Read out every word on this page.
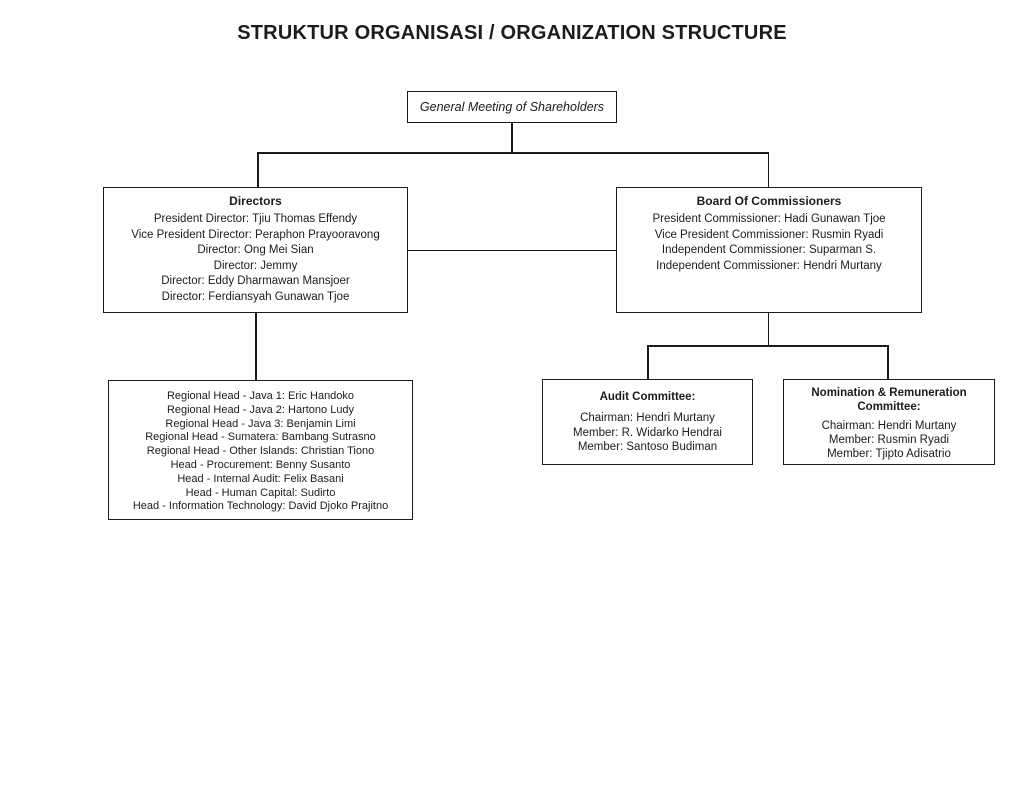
STRUKTUR ORGANISASI / ORGANIZATION STRUCTURE
General Meeting of Shareholders
Directors
President Director: Tjiu Thomas Effendy
Vice President Director: Peraphon Prayooravong
Director: Ong Mei Sian
Director: Jemmy
Director: Eddy Dharmawan Mansjoer
Director: Ferdiansyah Gunawan Tjoe
Board Of Commissioners
President Commissioner: Hadi Gunawan Tjoe
Vice President Commissioner: Rusmin Ryadi
Independent Commissioner: Suparman S.
Independent Commissioner: Hendri Murtany
Regional Head - Java 1: Eric Handoko
Regional Head - Java 2: Hartono Ludy
Regional Head - Java 3: Benjamin Limi
Regional Head - Sumatera: Bambang Sutrasno
Regional Head - Other Islands: Christian Tiono
Head - Procurement: Benny Susanto
Head - Internal Audit: Felix Basani
Head - Human Capital: Sudirto
Head - Information Technology: David Djoko Prajitno
Audit Committee:
Chairman: Hendri Murtany
Member: R. Widarko Hendrai
Member: Santoso Budiman
Nomination & Remuneration Committee:
Chairman: Hendri Murtany
Member: Rusmin Ryadi
Member: Tjipto Adisatrio
